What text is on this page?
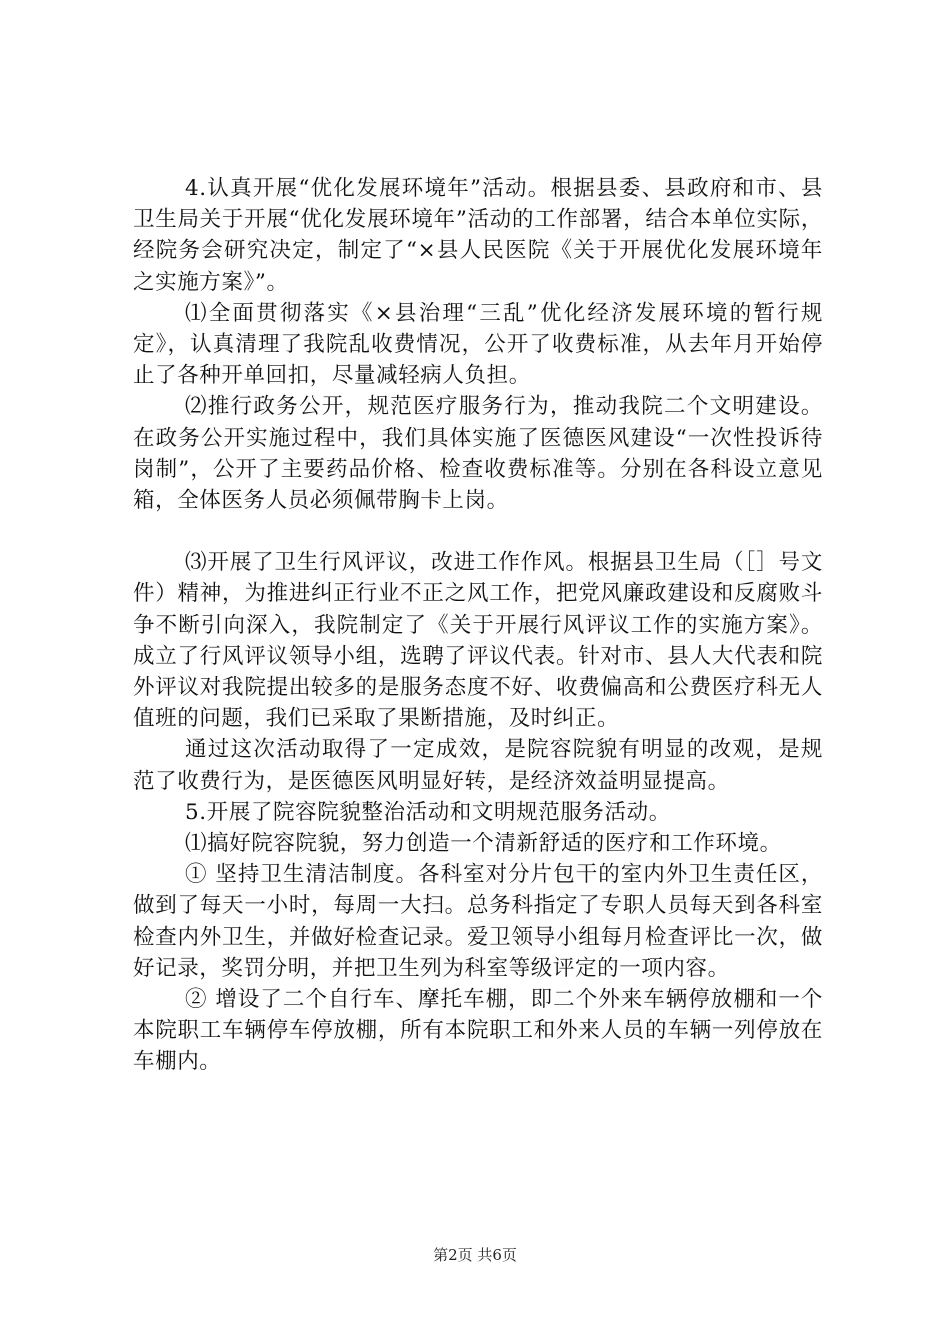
4.认真开展“优化发展环境年”活动。根据县委、县政府和市、县卫生局关于开展“优化发展环境年”活动的工作部署，结合本单位实际，经院务会研究决定，制定了“×县人民医院《关于开展优化发展环境年之实施方案》”。

⑴全面贯彻落实《×县治理“三乱”优化经济发展环境的暂行规定》，认真清理了我院乱收费情况，公开了收费标准，从去年月开始停止了各种开单回扣，尽量减轻病人负担。

⑵推行政务公开，规范医疗服务行为，推动我院二个文明建设。在政务公开实施过程中，我们具体实施了医德医风建设“一次性投诉待岗制”，公开了主要药品价格、检查收费标准等。分别在各科设立意见箱，全体医务人员必须佩带胸卡上岗。

⑶开展了卫生行风评议，改进工作作风。根据县卫生局（［］号文件）精神，为推进纠正行业不正之风工作，把党风廉政建设和反腐败斗争不断引向深入，我院制定了《关于开展行风评议工作的实施方案》。成立了行风评议领导小组，选聘了评议代表。针对市、县人大代表和院外评议对我院提出较多的是服务态度不好、收费偏高和公费医疗科无人值班的问题，我们已采取了果断措施，及时纠正。

通过这次活动取得了一定成效，是院容院貌有明显的改观，是规范了收费行为，是医德医风明显好转，是经济效益明显提高。

5.开展了院容院貌整治活动和文明规范服务活动。

⑴搞好院容院貌，努力创造一个清新舒适的医疗和工作环境。

① 坚持卫生清洁制度。各科室对分片包干的室内外卫生责任区，做到了每天一小时，每周一大扫。总务科指定了专职人员每天到各科室检查内外卫生，并做好检查记录。爱卫领导小组每月检查评比一次，做好记录，奖罚分明，并把卫生列为科室等级评定的一项内容。

② 增设了二个自行车、摩托车棚，即二个外来车辆停放棚和一个本院职工车辆停车停放棚，所有本院职工和外来人员的车辆一列停放在车棚内。

第2页 共6页
